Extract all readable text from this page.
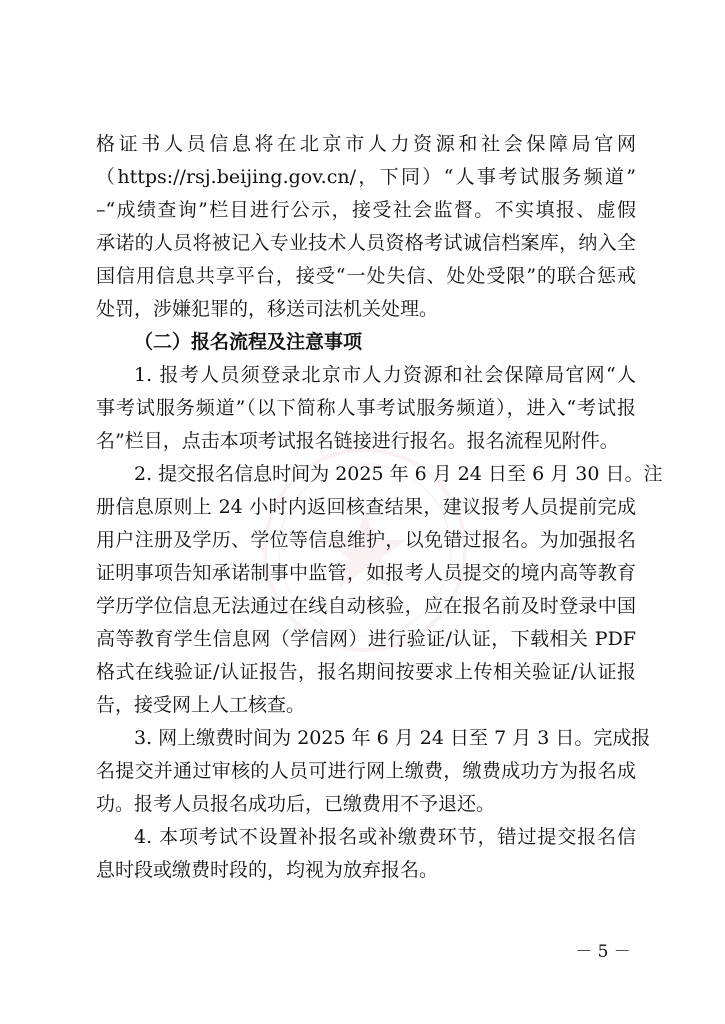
格证书人员信息将在北京市人力资源和社会保障局官网
（https://rsj.beijing.gov.cn/，下同）“人事考试服务频道”
–“成绩查询”栏目进行公示，接受社会监督。不实填报、虚假
承诺的人员将被记入专业技术人员资格考试诚信档案库，纳入全
国信用信息共享平台，接受“一处失信、处处受限”的联合惩戒
处罚，涉嫌犯罪的，移送司法机关处理。
（二）报名流程及注意事项
1. 报考人员须登录北京市人力资源和社会保障局官网“人
事考试服务频道”（以下简称人事考试服务频道），进入“考试报
名”栏目，点击本项考试报名链接进行报名。报名流程见附件。
2. 提交报名信息时间为 2025 年 6 月 24 日至 6 月 30 日。注
册信息原则上 24 小时内返回核查结果，建议报考人员提前完成
用户注册及学历、学位等信息维护，以免错过报名。为加强报名
证明事项告知承诺制事中监管，如报考人员提交的境内高等教育
学历学位信息无法通过在线自动核验，应在报名前及时登录中国
高等教育学生信息网（学信网）进行验证/认证，下载相关 PDF
格式在线验证/认证报告，报名期间按要求上传相关验证/认证报
告，接受网上人工核查。
3. 网上缴费时间为 2025 年 6 月 24 日至 7 月 3 日。完成报
名提交并通过审核的人员可进行网上缴费，缴费成功方为报名成
功。报考人员报名成功后，已缴费用不予退还。
4. 本项考试不设置补报名或补缴费环节，错过提交报名信
息时段或缴费时段的，均视为放弃报名。
－ 5 －
